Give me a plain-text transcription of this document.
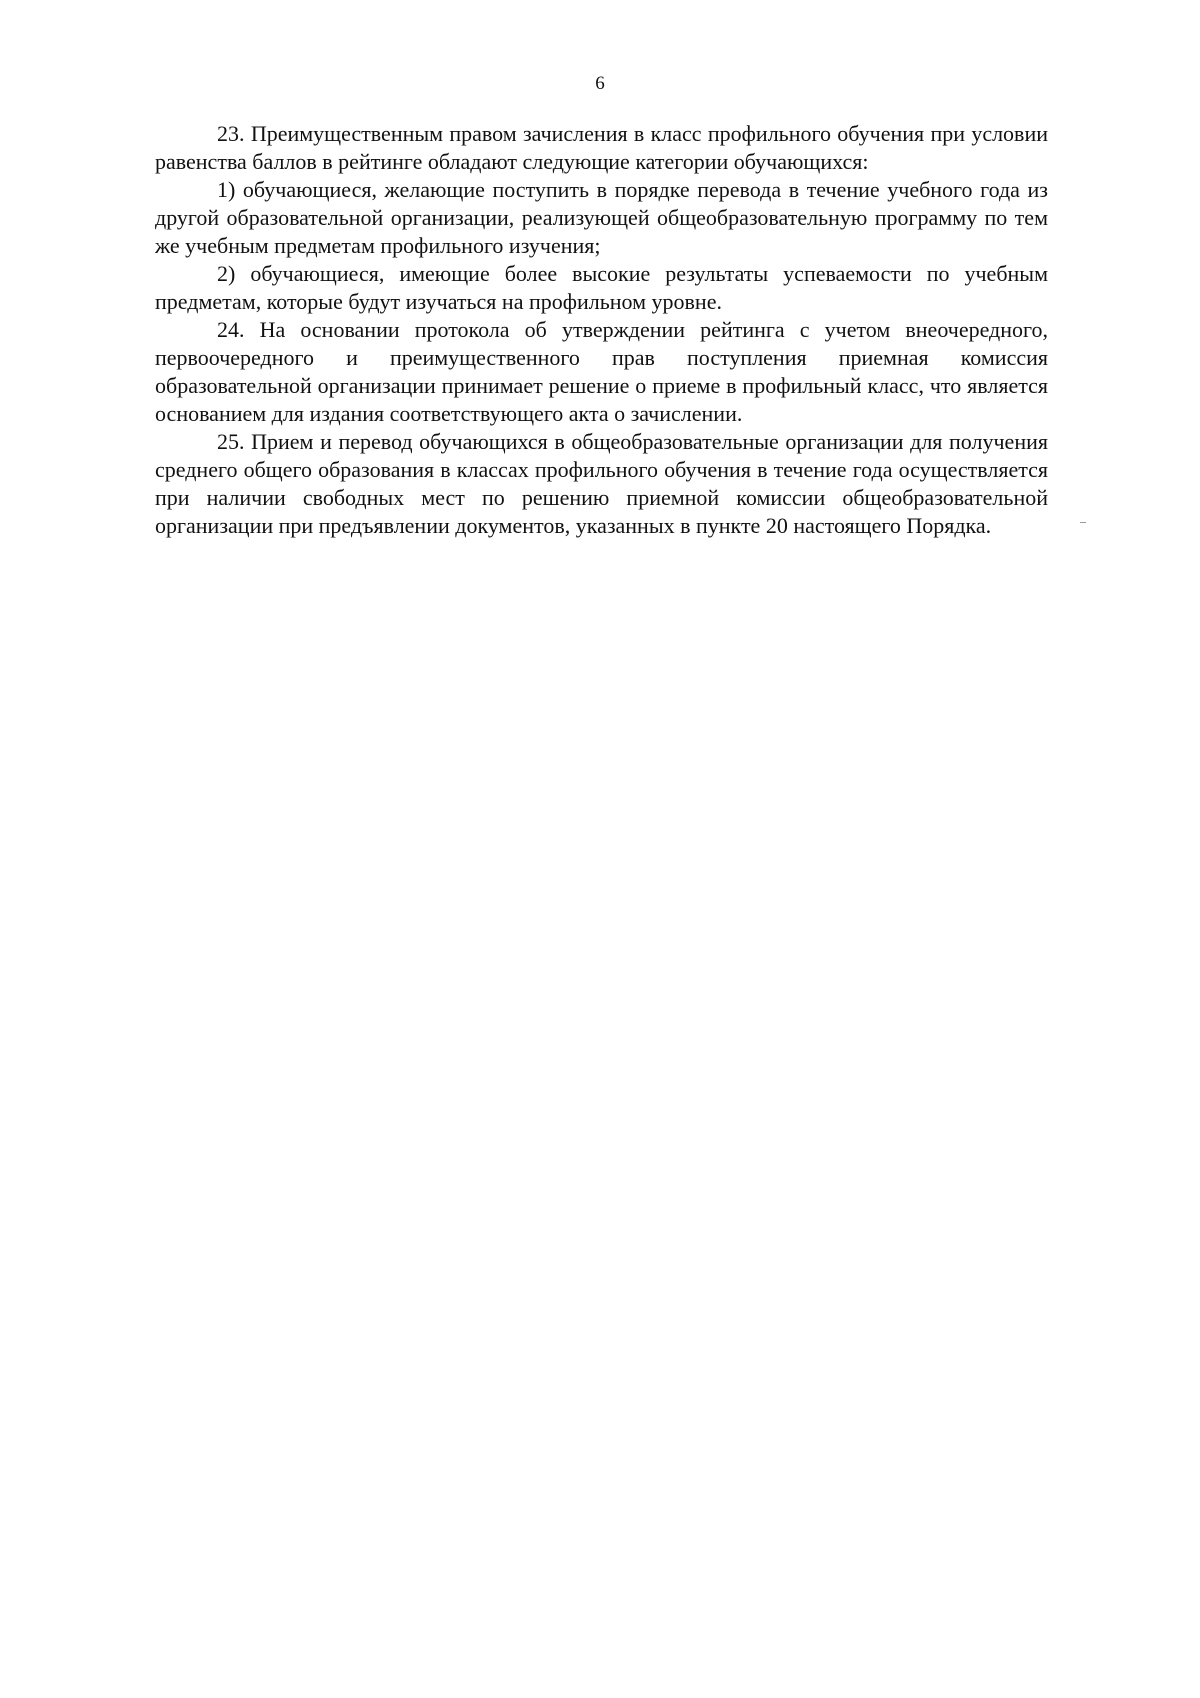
6

23. Преимущественным правом зачисления в класс профильного обучения при условии равенства баллов в рейтинге обладают следующие категории обучающихся:

1) обучающиеся, желающие поступить в порядке перевода в течение учебного года из другой образовательной организации, реализующей общеобразовательную программу по тем же учебным предметам профильного изучения;

2) обучающиеся, имеющие более высокие результаты успеваемости по учебным предметам, которые будут изучаться на профильном уровне.

24. На основании протокола об утверждении рейтинга с учетом внеочередного, первоочередного и преимущественного прав поступления приемная комиссия образовательной организации принимает решение о приеме в профильный класс, что является основанием для издания соответствующего акта о зачислении.

25. Прием и перевод обучающихся в общеобразовательные организации для получения среднего общего образования в классах профильного обучения в течение года осуществляется при наличии свободных мест по решению приемной комиссии общеобразовательной организации при предъявлении документов, указанных в пункте 20 настоящего Порядка.
